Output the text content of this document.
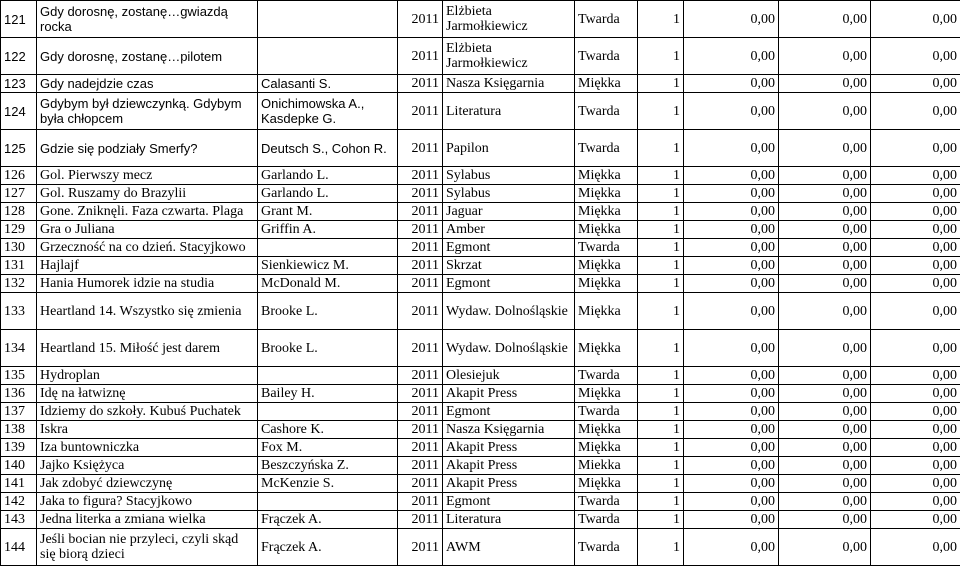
121	Gdy dorosnę, zostanę…gwiazdą rocka		2011	Elżbieta Jarmołkiewicz	Twarda	1	0,00	0,00	0,00
122	Gdy dorosnę, zostanę…pilotem		2011	Elżbieta Jarmołkiewicz	Twarda	1	0,00	0,00	0,00
123	Gdy nadejdzie czas	Calasanti S.	2011	Nasza Księgarnia	Miękka	1	0,00	0,00	0,00
124	Gdybym był dziewczynką. Gdybym była chłopcem	Onichimowska A., Kasdepke G.	2011	Literatura	Twarda	1	0,00	0,00	0,00
125	Gdzie się podziały Smerfy?	Deutsch S., Cohon R.	2011	Papilon	Twarda	1	0,00	0,00	0,00
126	Gol. Pierwszy mecz	Garlando L.	2011	Sylabus	Miękka	1	0,00	0,00	0,00
127	Gol. Ruszamy do Brazylii	Garlando L.	2011	Sylabus	Miękka	1	0,00	0,00	0,00
128	Gone. Zniknęli. Faza czwarta. Plaga	Grant M.	2011	Jaguar	Miękka	1	0,00	0,00	0,00
129	Gra o Juliana	Griffin A.	2011	Amber	Miękka	1	0,00	0,00	0,00
130	Grzeczność na co dzień. Stacyjkowo		2011	Egmont	Twarda	1	0,00	0,00	0,00
131	Hajlajf	Sienkiewicz M.	2011	Skrzat	Miękka	1	0,00	0,00	0,00
132	Hania Humorek idzie na studia	McDonald M.	2011	Egmont	Miękka	1	0,00	0,00	0,00
133	Heartland 14. Wszystko się zmienia	Brooke L.	2011	Wydaw. Dolnośląskie	Miękka	1	0,00	0,00	0,00
134	Heartland 15. Miłość jest darem	Brooke L.	2011	Wydaw. Dolnośląskie	Miękka	1	0,00	0,00	0,00
135	Hydroplan		2011	Olesiejuk	Twarda	1	0,00	0,00	0,00
136	Idę na łatwiznę	Bailey H.	2011	Akapit Press	Miękka	1	0,00	0,00	0,00
137	Idziemy do szkoły. Kubuś Puchatek		2011	Egmont	Twarda	1	0,00	0,00	0,00
138	Iskra	Cashore K.	2011	Nasza Księgarnia	Miękka	1	0,00	0,00	0,00
139	Iza buntowniczka	Fox M.	2011	Akapit Press	Miękka	1	0,00	0,00	0,00
140	Jajko Księżyca	Beszczyńska Z.	2011	Akapit Press	Miekka	1	0,00	0,00	0,00
141	Jak zdobyć dziewczynę	McKenzie S.	2011	Akapit Press	Miękka	1	0,00	0,00	0,00
142	Jaka to figura? Stacyjkowo		2011	Egmont	Twarda	1	0,00	0,00	0,00
143	Jedna literka a zmiana wielka	Frączek A.	2011	Literatura	Twarda	1	0,00	0,00	0,00
144	Jeśli bocian nie przyleci, czyli skąd się biorą dzieci	Frączek A.	2011	AWM	Twarda	1	0,00	0,00	0,00
